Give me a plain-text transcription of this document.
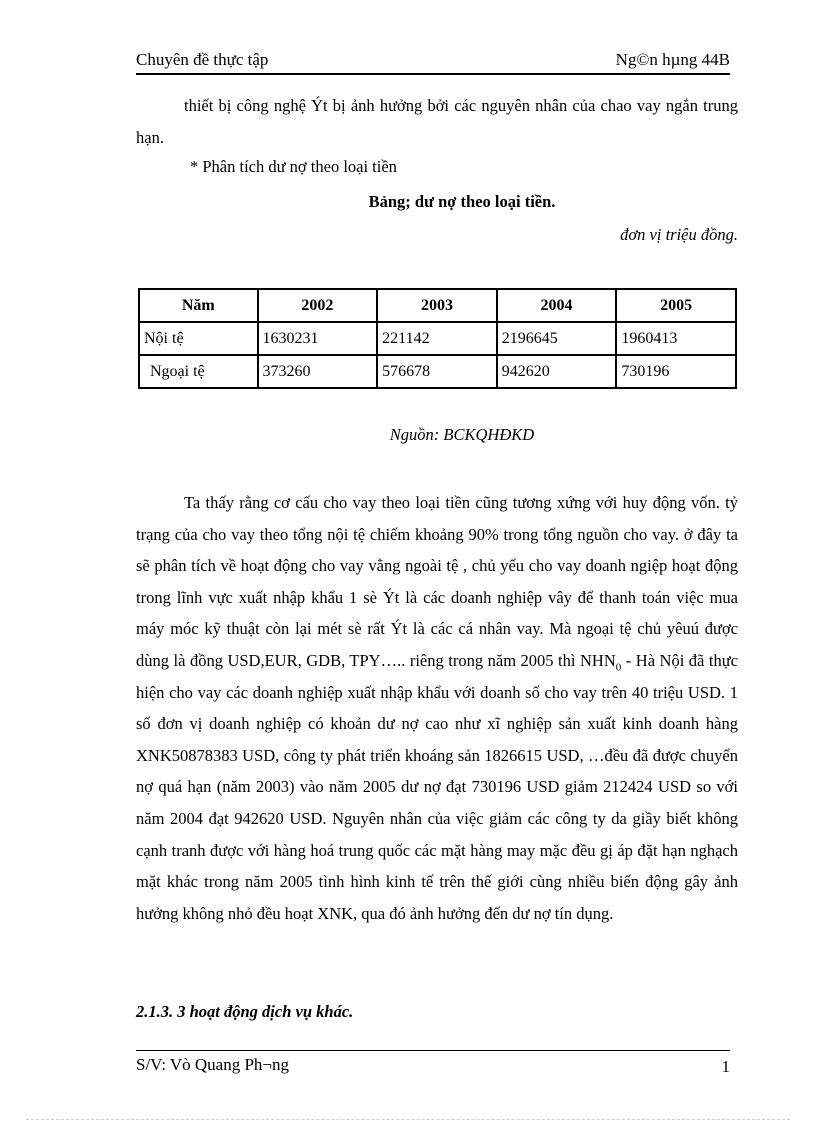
Chuyên đề thực tập	Ng©n hµng 44B
thiết bị công nghệ Ýt bị ảnh hưởng bởi các nguyên nhân của chao vay ngắn trung hạn.
* Phân tích dư nợ theo loại tiền
Bảng; dư nợ theo loại tiền.
đơn vị triệu đồng.
Năm	2002	2003	2004	2005
Nội tệ	1630231	221142	2196645	1960413
Ngoại tệ	373260	576678	942620	730196
Nguồn: BCKQHĐKD
Ta thấy rằng cơ cấu cho vay theo loại tiền cũng tương xứng với huy động vốn. tỷ trạng của cho vay theo tổng nội tệ chiếm khoảng 90% trong tổng nguồn cho vay. ở đây ta sẽ phân tích về hoạt động cho vay vằng ngoài tệ , chủ yếu cho vay doanh ngiệp hoạt động trong lĩnh vực xuất nhập khẩu 1 sè Ýt là các doanh nghiệp vây để thanh toán việc mua máy móc kỹ thuật còn lại mét sè rất Ýt là các cá nhân vay. Mà ngoại tệ chủ yêuú được dùng là đồng USD,EUR, GDB, TPY….. riêng trong năm 2005 thì $NHN_0$ - Hà Nội đã thực hiện cho vay các doanh nghiệp xuất nhập khẩu với doanh số cho vay trên 40 triệu USD. 1 số đơn vị doanh nghiệp có khoản dư nợ cao như xĩ nghiệp sản xuất kinh doanh hàng XNK50878383 USD, công ty phát triển khoáng sản 1826615 USD, …đều đã được chuyển nợ quá hạn (năm 2003) vào năm 2005 dư nợ đạt 730196 USD giảm 212424 USD so với năm 2004 đạt 942620 USD. Nguyên nhân của việc giảm các công ty da giầy biết không cạnh tranh được với hàng hoá trung quốc các mặt hàng may mặc đều gị áp đặt hạn nghạch mặt khác trong năm 2005 tình hình kinh tế trên thế giới cùng nhiều biến động gây ảnh hưởng không nhỏ đều hoạt XNK, qua đó ảnh hưởng đến dư nợ tín dụng.
2.1.3. 3 hoạt động dịch vụ khác.
S/V: Vò Quang Ph¬ng	1
